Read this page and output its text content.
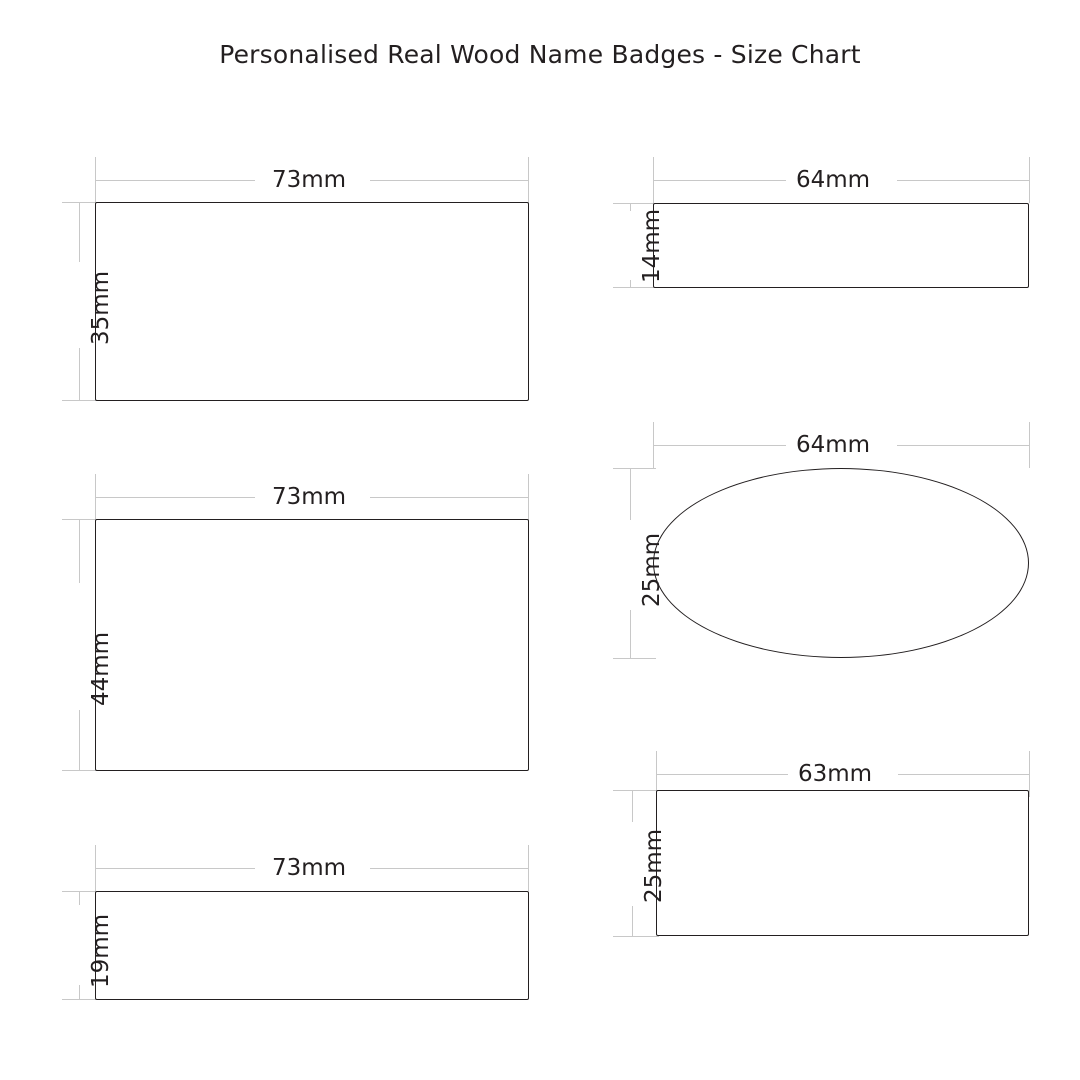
Personalised Real Wood Name Badges - Size Chart
73mm
35mm
64mm
14mm
73mm
44mm
64mm
25mm
73mm
19mm
63mm
25mm
